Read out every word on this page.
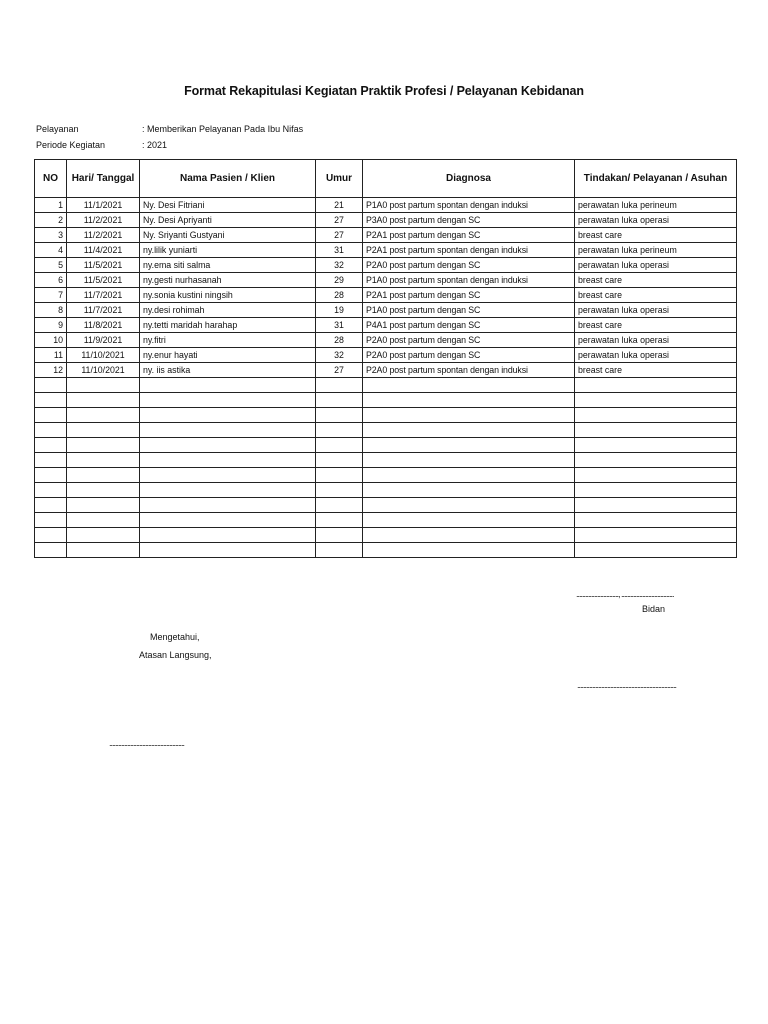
Format Rekapitulasi Kegiatan Praktik Profesi / Pelayanan Kebidanan
Pelayanan	: Memberikan Pelayanan Pada Ibu Nifas
Periode Kegiatan	: 2021
NO	Hari/ Tanggal	Nama Pasien / Klien	Umur	Diagnosa	Tindakan/ Pelayanan / Asuhan
1	11/1/2021	Ny. Desi Fitriani	21	P1A0 post partum spontan dengan induksi	perawatan luka perineum
2	11/2/2021	Ny. Desi Apriyanti	27	P3A0 post partum dengan SC	perawatan luka operasi
3	11/2/2021	Ny. Sriyanti Gustyani	27	P2A1 post partum dengan SC	breast care
4	11/4/2021	ny.lilik yuniarti	31	P2A1 post partum spontan dengan induksi	perawatan luka perineum
5	11/5/2021	ny.ema siti salma	32	P2A0 post partum dengan SC	perawatan luka operasi
6	11/5/2021	ny.gesti nurhasanah	29	P1A0 post partum spontan dengan induksi	breast care
7	11/7/2021	ny.sonia kustini ningsih	28	P2A1 post partum dengan SC	breast care
8	11/7/2021	ny.desi rohimah	19	P1A0 post partum dengan SC	perawatan luka operasi
9	11/8/2021	ny.tetti maridah harahap	31	P4A1 post partum dengan SC	breast care
10	11/9/2021	ny.fitri	28	P2A0 post partum dengan SC	perawatan luka operasi
11	11/10/2021	ny.enur hayati	32	P2A0 post partum dengan SC	perawatan luka operasi
12	11/10/2021	ny. iis astika	27	P2A0 post partum spontan dengan induksi	breast care

............................, ...................................
Bidan
Mengetahui,
Atasan Langsung,
..................................................................
..................................................
